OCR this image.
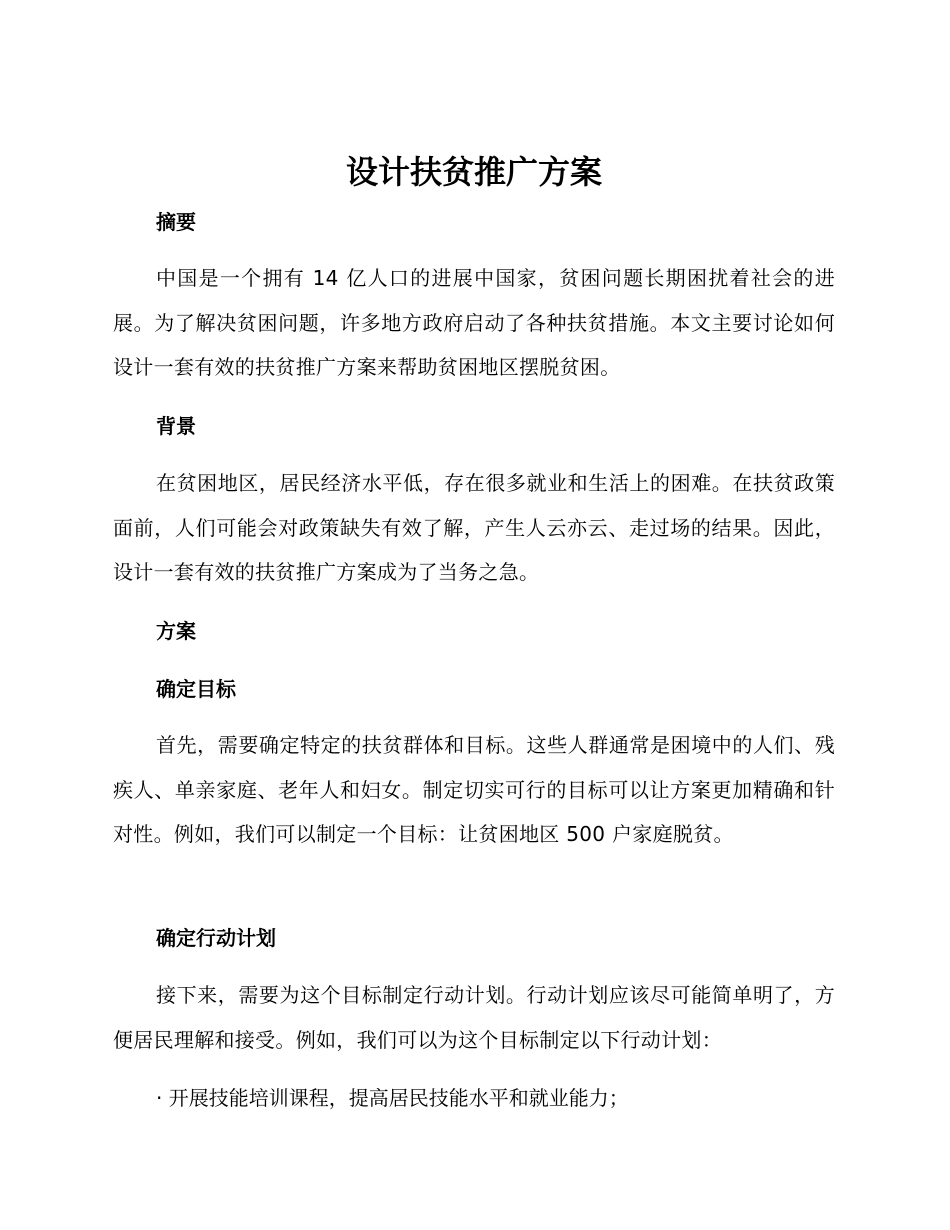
设计扶贫推广方案
摘要

中国是一个拥有 14 亿人口的进展中国家，贫困问题长期困扰着社会的进展。为了解决贫困问题，许多地方政府启动了各种扶贫措施。本文主要讨论如何设计一套有效的扶贫推广方案来帮助贫困地区摆脱贫困。

背景

在贫困地区，居民经济水平低，存在很多就业和生活上的困难。在扶贫政策面前，人们可能会对政策缺失有效了解，产生人云亦云、走过场的结果。因此，设计一套有效的扶贫推广方案成为了当务之急。

方案
确定目标

首先，需要确定特定的扶贫群体和目标。这些人群通常是困境中的人们、残疾人、单亲家庭、老年人和妇女。制定切实可行的目标可以让方案更加精确和针对性。例如，我们可以制定一个目标：让贫困地区 500 户家庭脱贫。

确定行动计划

接下来，需要为这个目标制定行动计划。行动计划应该尽可能简单明了，方便居民理解和接受。例如，我们可以为这个目标制定以下行动计划：

· 开展技能培训课程，提高居民技能水平和就业能力；
